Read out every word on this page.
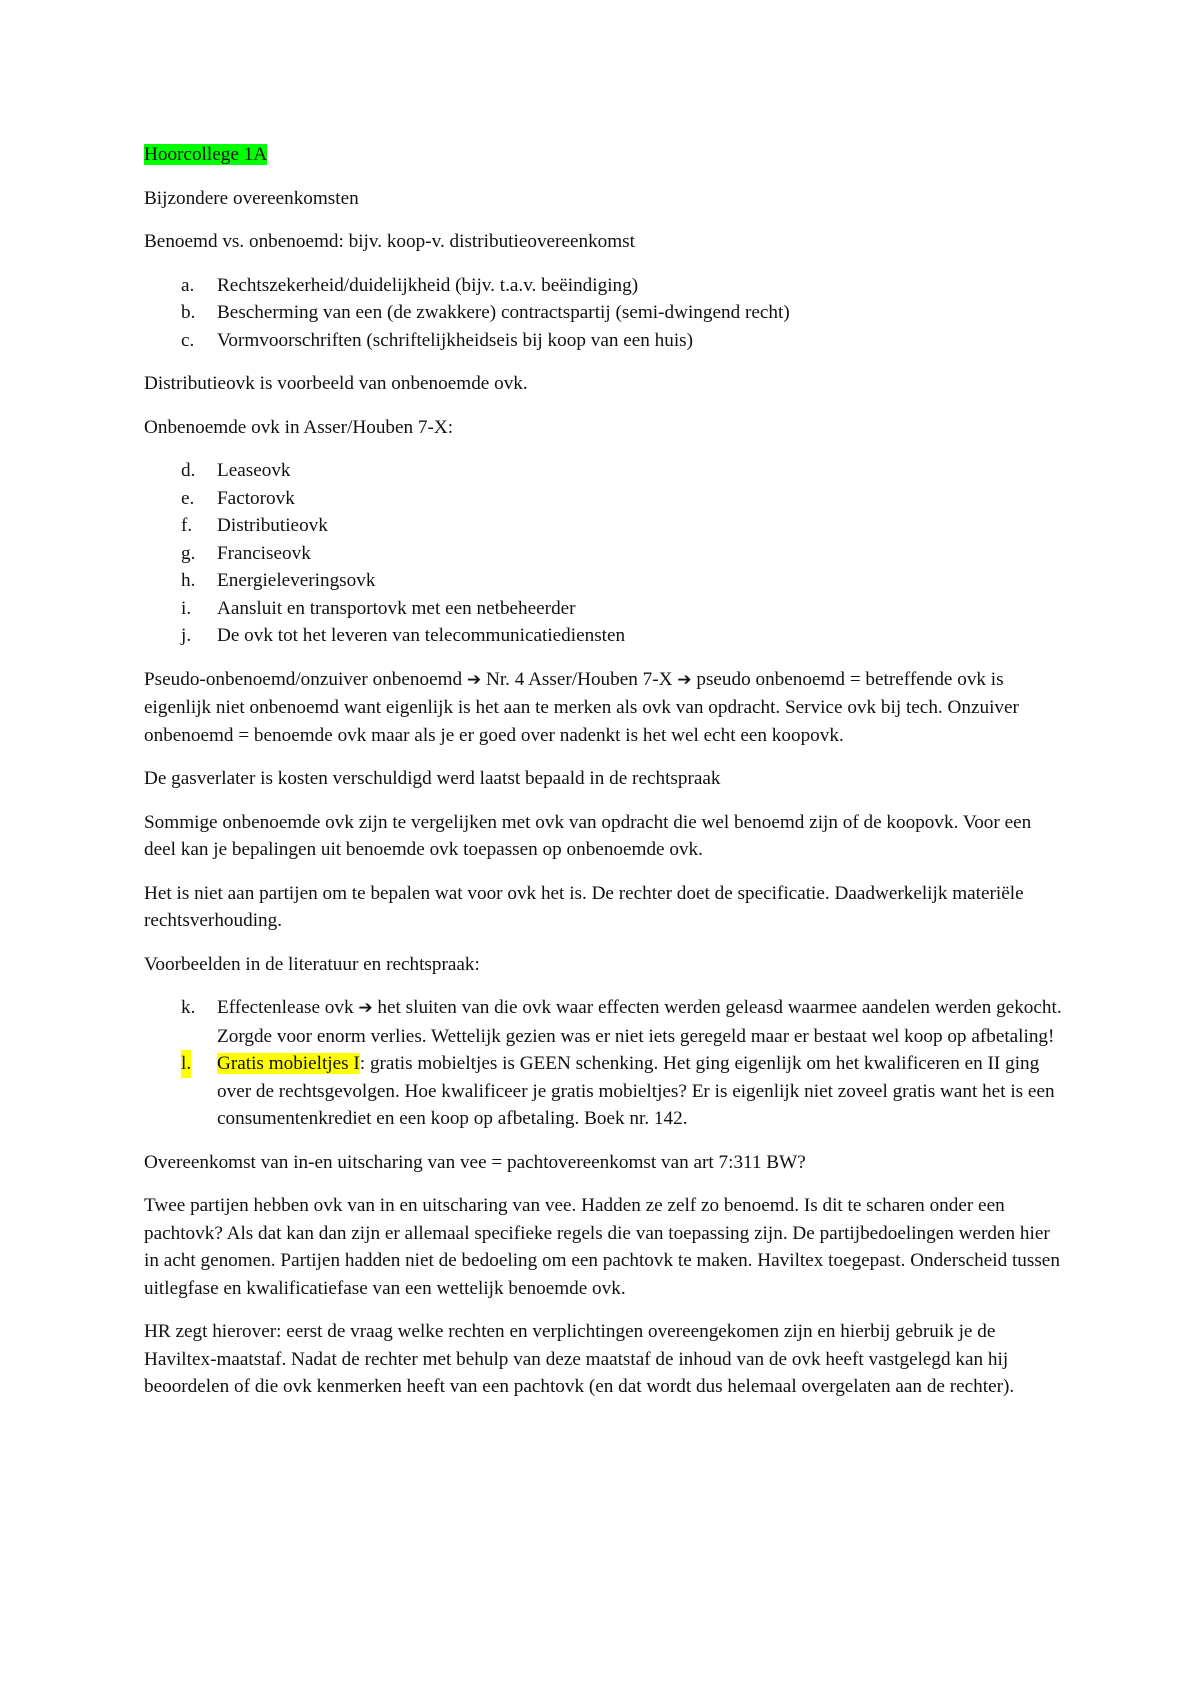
Hoorcollege 1A

Bijzondere overeenkomsten

Benoemd vs. onbenoemd: bijv. koop-v. distributieovereenkomst

a. Rechtszekerheid/duidelijkheid (bijv. t.a.v. beëindiging)
b. Bescherming van een (de zwakkere) contractspartij (semi-dwingend recht)
c. Vormvoorschriften (schriftelijkheidseis bij koop van een huis)

Distributieovk is voorbeeld van onbenoemde ovk.

Onbenoemde ovk in Asser/Houben 7-X:

d. Leaseovk
e. Factorovk
f. Distributieovk
g. Franciseovk
h. Energieleveringsovk
i. Aansluit en transportovk met een netbeheerder
j. De ovk tot het leveren van telecommunicatiediensten

Pseudo-onbenoemd/onzuiver onbenoemd ➔ Nr. 4 Asser/Houben 7-X ➔ pseudo onbenoemd = betreffende ovk is eigenlijk niet onbenoemd want eigenlijk is het aan te merken als ovk van opdracht. Service ovk bij tech. Onzuiver onbenoemd = benoemde ovk maar als je er goed over nadenkt is het wel echt een koopovk.

De gasverlater is kosten verschuldigd werd laatst bepaald in de rechtspraak

Sommige onbenoemde ovk zijn te vergelijken met ovk van opdracht die wel benoemd zijn of de koopovk. Voor een deel kan je bepalingen uit benoemde ovk toepassen op onbenoemde ovk.

Het is niet aan partijen om te bepalen wat voor ovk het is. De rechter doet de specificatie. Daadwerkelijk materiële rechtsverhouding.

Voorbeelden in de literatuur en rechtspraak:

k. Effectenlease ovk ➔ het sluiten van die ovk waar effecten werden geleasd waarmee aandelen werden gekocht. Zorgde voor enorm verlies. Wettelijk gezien was er niet iets geregeld maar er bestaat wel koop op afbetaling!
l. Gratis mobieltjes I: gratis mobieltjes is GEEN schenking. Het ging eigenlijk om het kwalificeren en II ging over de rechtsgevolgen. Hoe kwalificeer je gratis mobieltjes? Er is eigenlijk niet zoveel gratis want het is een consumentenkrediet en een koop op afbetaling. Boek nr. 142.

Overeenkomst van in-en uitscharing van vee = pachtovereenkomst van art 7:311 BW?

Twee partijen hebben ovk van in en uitscharing van vee. Hadden ze zelf zo benoemd. Is dit te scharen onder een pachtovk? Als dat kan dan zijn er allemaal specifieke regels die van toepassing zijn. De partijbedoelingen werden hier in acht genomen. Partijen hadden niet de bedoeling om een pachtovk te maken. Haviltex toegepast. Onderscheid tussen uitlegfase en kwalificatiefase van een wettelijk benoemde ovk.

HR zegt hierover: eerst de vraag welke rechten en verplichtingen overeengekomen zijn en hierbij gebruik je de Haviltex-maatstaf. Nadat de rechter met behulp van deze maatstaf de inhoud van de ovk heeft vastgelegd kan hij beoordelen of die ovk kenmerken heeft van een pachtovk (en dat wordt dus helemaal overgelaten aan de rechter).
